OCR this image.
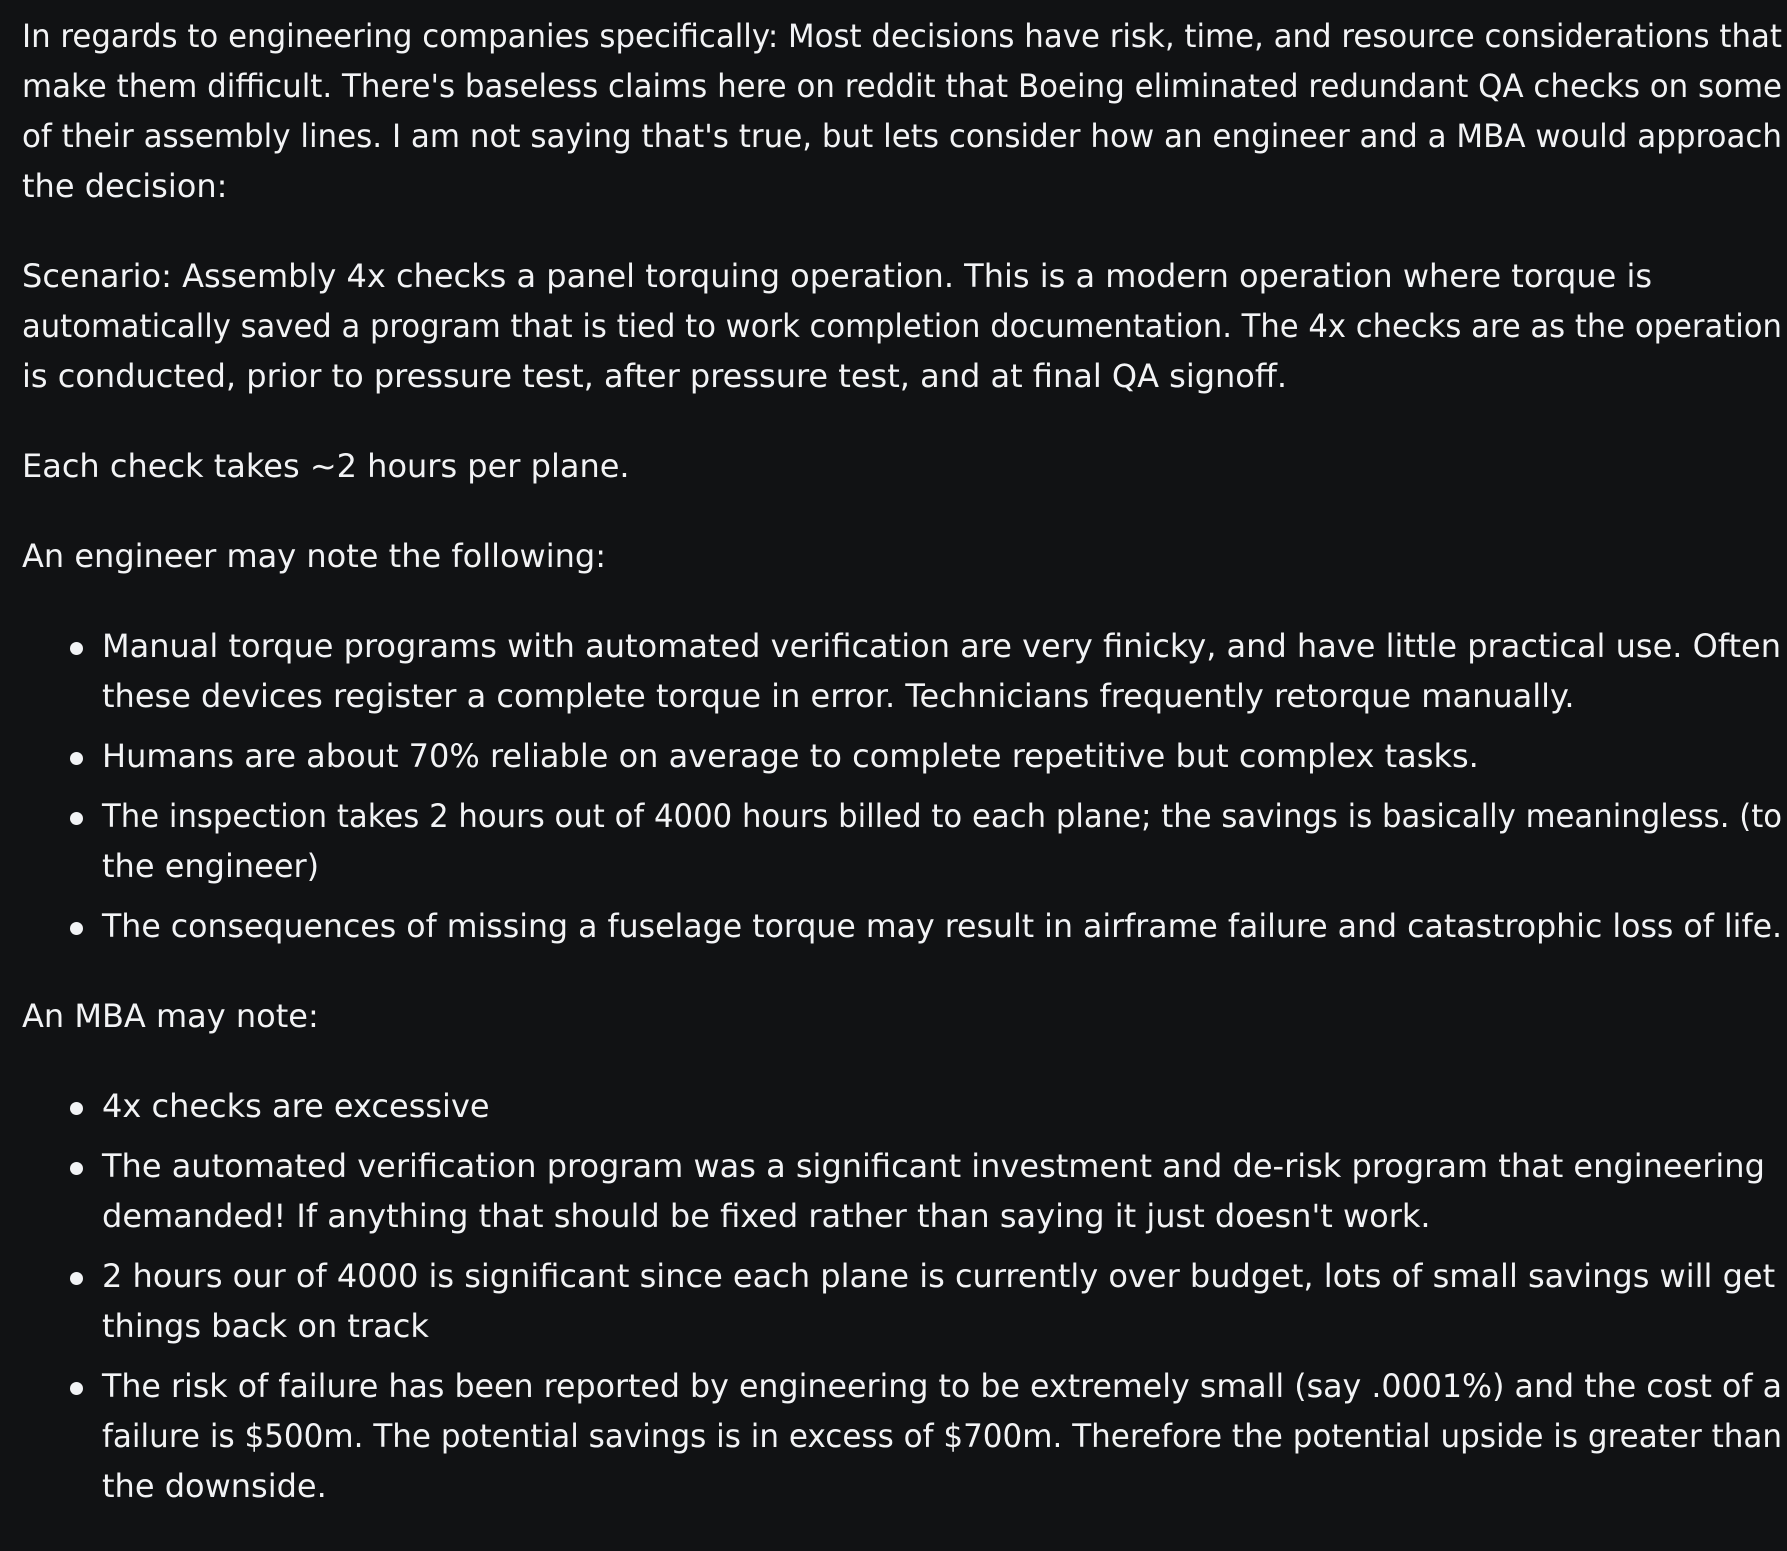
In regards to engineering companies specifically: Most decisions have risk, time, and resource considerations that
make them difficult. There's baseless claims here on reddit that Boeing eliminated redundant QA checks on some
of their assembly lines. I am not saying that's true, but lets consider how an engineer and a MBA would approach
the decision:

Scenario: Assembly 4x checks a panel torquing operation. This is a modern operation where torque is
automatically saved a program that is tied to work completion documentation. The 4x checks are as the operation
is conducted, prior to pressure test, after pressure test, and at final QA signoff.

Each check takes ~2 hours per plane.

An engineer may note the following:

Manual torque programs with automated verification are very finicky, and have little practical use. Often
these devices register a complete torque in error. Technicians frequently retorque manually.
Humans are about 70% reliable on average to complete repetitive but complex tasks.
The inspection takes 2 hours out of 4000 hours billed to each plane; the savings is basically meaningless. (to
the engineer)
The consequences of missing a fuselage torque may result in airframe failure and catastrophic loss of life.

An MBA may note:

4x checks are excessive
The automated verification program was a significant investment and de-risk program that engineering
demanded! If anything that should be fixed rather than saying it just doesn't work.
2 hours our of 4000 is significant since each plane is currently over budget, lots of small savings will get
things back on track
The risk of failure has been reported by engineering to be extremely small (say .0001%) and the cost of a
failure is $500m. The potential savings is in excess of $700m. Therefore the potential upside is greater than
the downside.
